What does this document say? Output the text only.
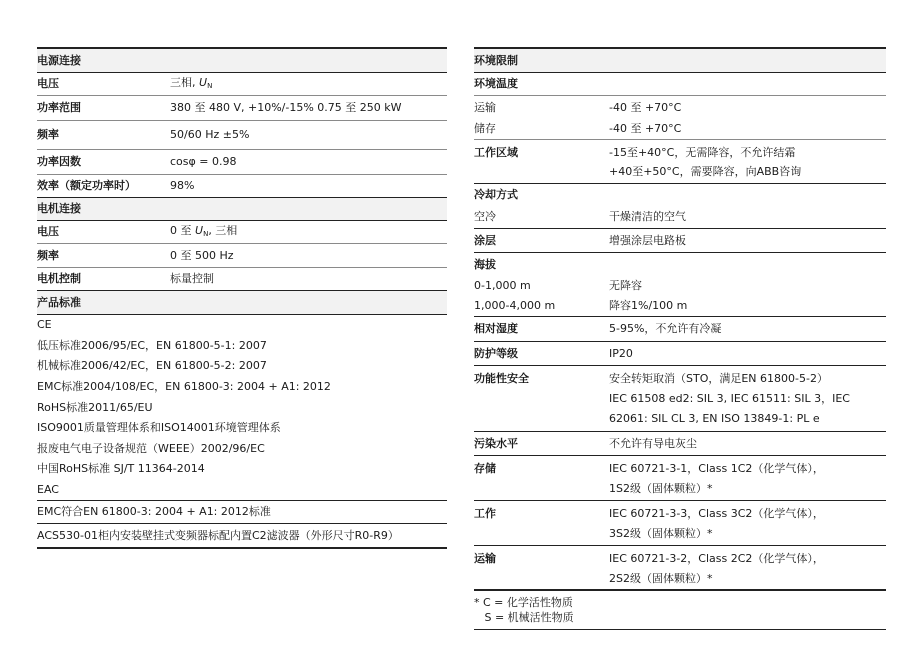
电源连接
电压	三相, $U_N$
功率范围	380 至 480 V, +10%/-15% 0.75 至 250 kW
频率	50/60 Hz ±5%
功率因数	cosφ = 0.98
效率（额定功率时）	98%
电机连接
电压	0 至 $U_N$, 三相
频率	0 至 500 Hz
电机控制	标量控制
产品标准
CE
低压标准2006/95/EC，EN 61800-5-1: 2007
机械标准2006/42/EC，EN 61800-5-2: 2007
EMC标准2004/108/EC，EN 61800-3: 2004 + A1: 2012
RoHS标准2011/65/EU
ISO9001质量管理体系和ISO14001环境管理体系
报废电气电子设备规范（WEEE）2002/96/EC
中国RoHS标准 SJ/T 11364-2014
EAC
EMC符合EN 61800-3: 2004 + A1: 2012标准
ACS530-01柜内安装壁挂式变频器标配内置C2滤波器（外形尺寸R0-R9）
环境限制
环境温度
运输	-40 至 +70°C
储存	-40 至 +70°C
工作区域	-15至+40°C，无需降容，不允许结霜
+40至+50°C，需要降容，向ABB咨询
冷却方式
空冷	干燥清洁的空气
涂层	增强涂层电路板
海拔
0-1,000 m	无降容
1,000-4,000 m	降容1%/100 m
相对湿度	5-95%，不允许有冷凝
防护等级	IP20
功能性安全	安全转矩取消（STO，满足EN 61800-5-2）
IEC 61508 ed2: SIL 3, IEC 61511: SIL 3，IEC
62061: SIL CL 3, EN ISO 13849-1: PL e
污染水平	不允许有导电灰尘
存储	IEC 60721-3-1，Class 1C2（化学气体），
1S2级（固体颗粒）*
工作	IEC 60721-3-3，Class 3C2（化学气体），
3S2级（固体颗粒）*
运输	IEC 60721-3-2，Class 2C2（化学气体），
2S2级（固体颗粒）*
* C = 化学活性物质
S = 机械活性物质
